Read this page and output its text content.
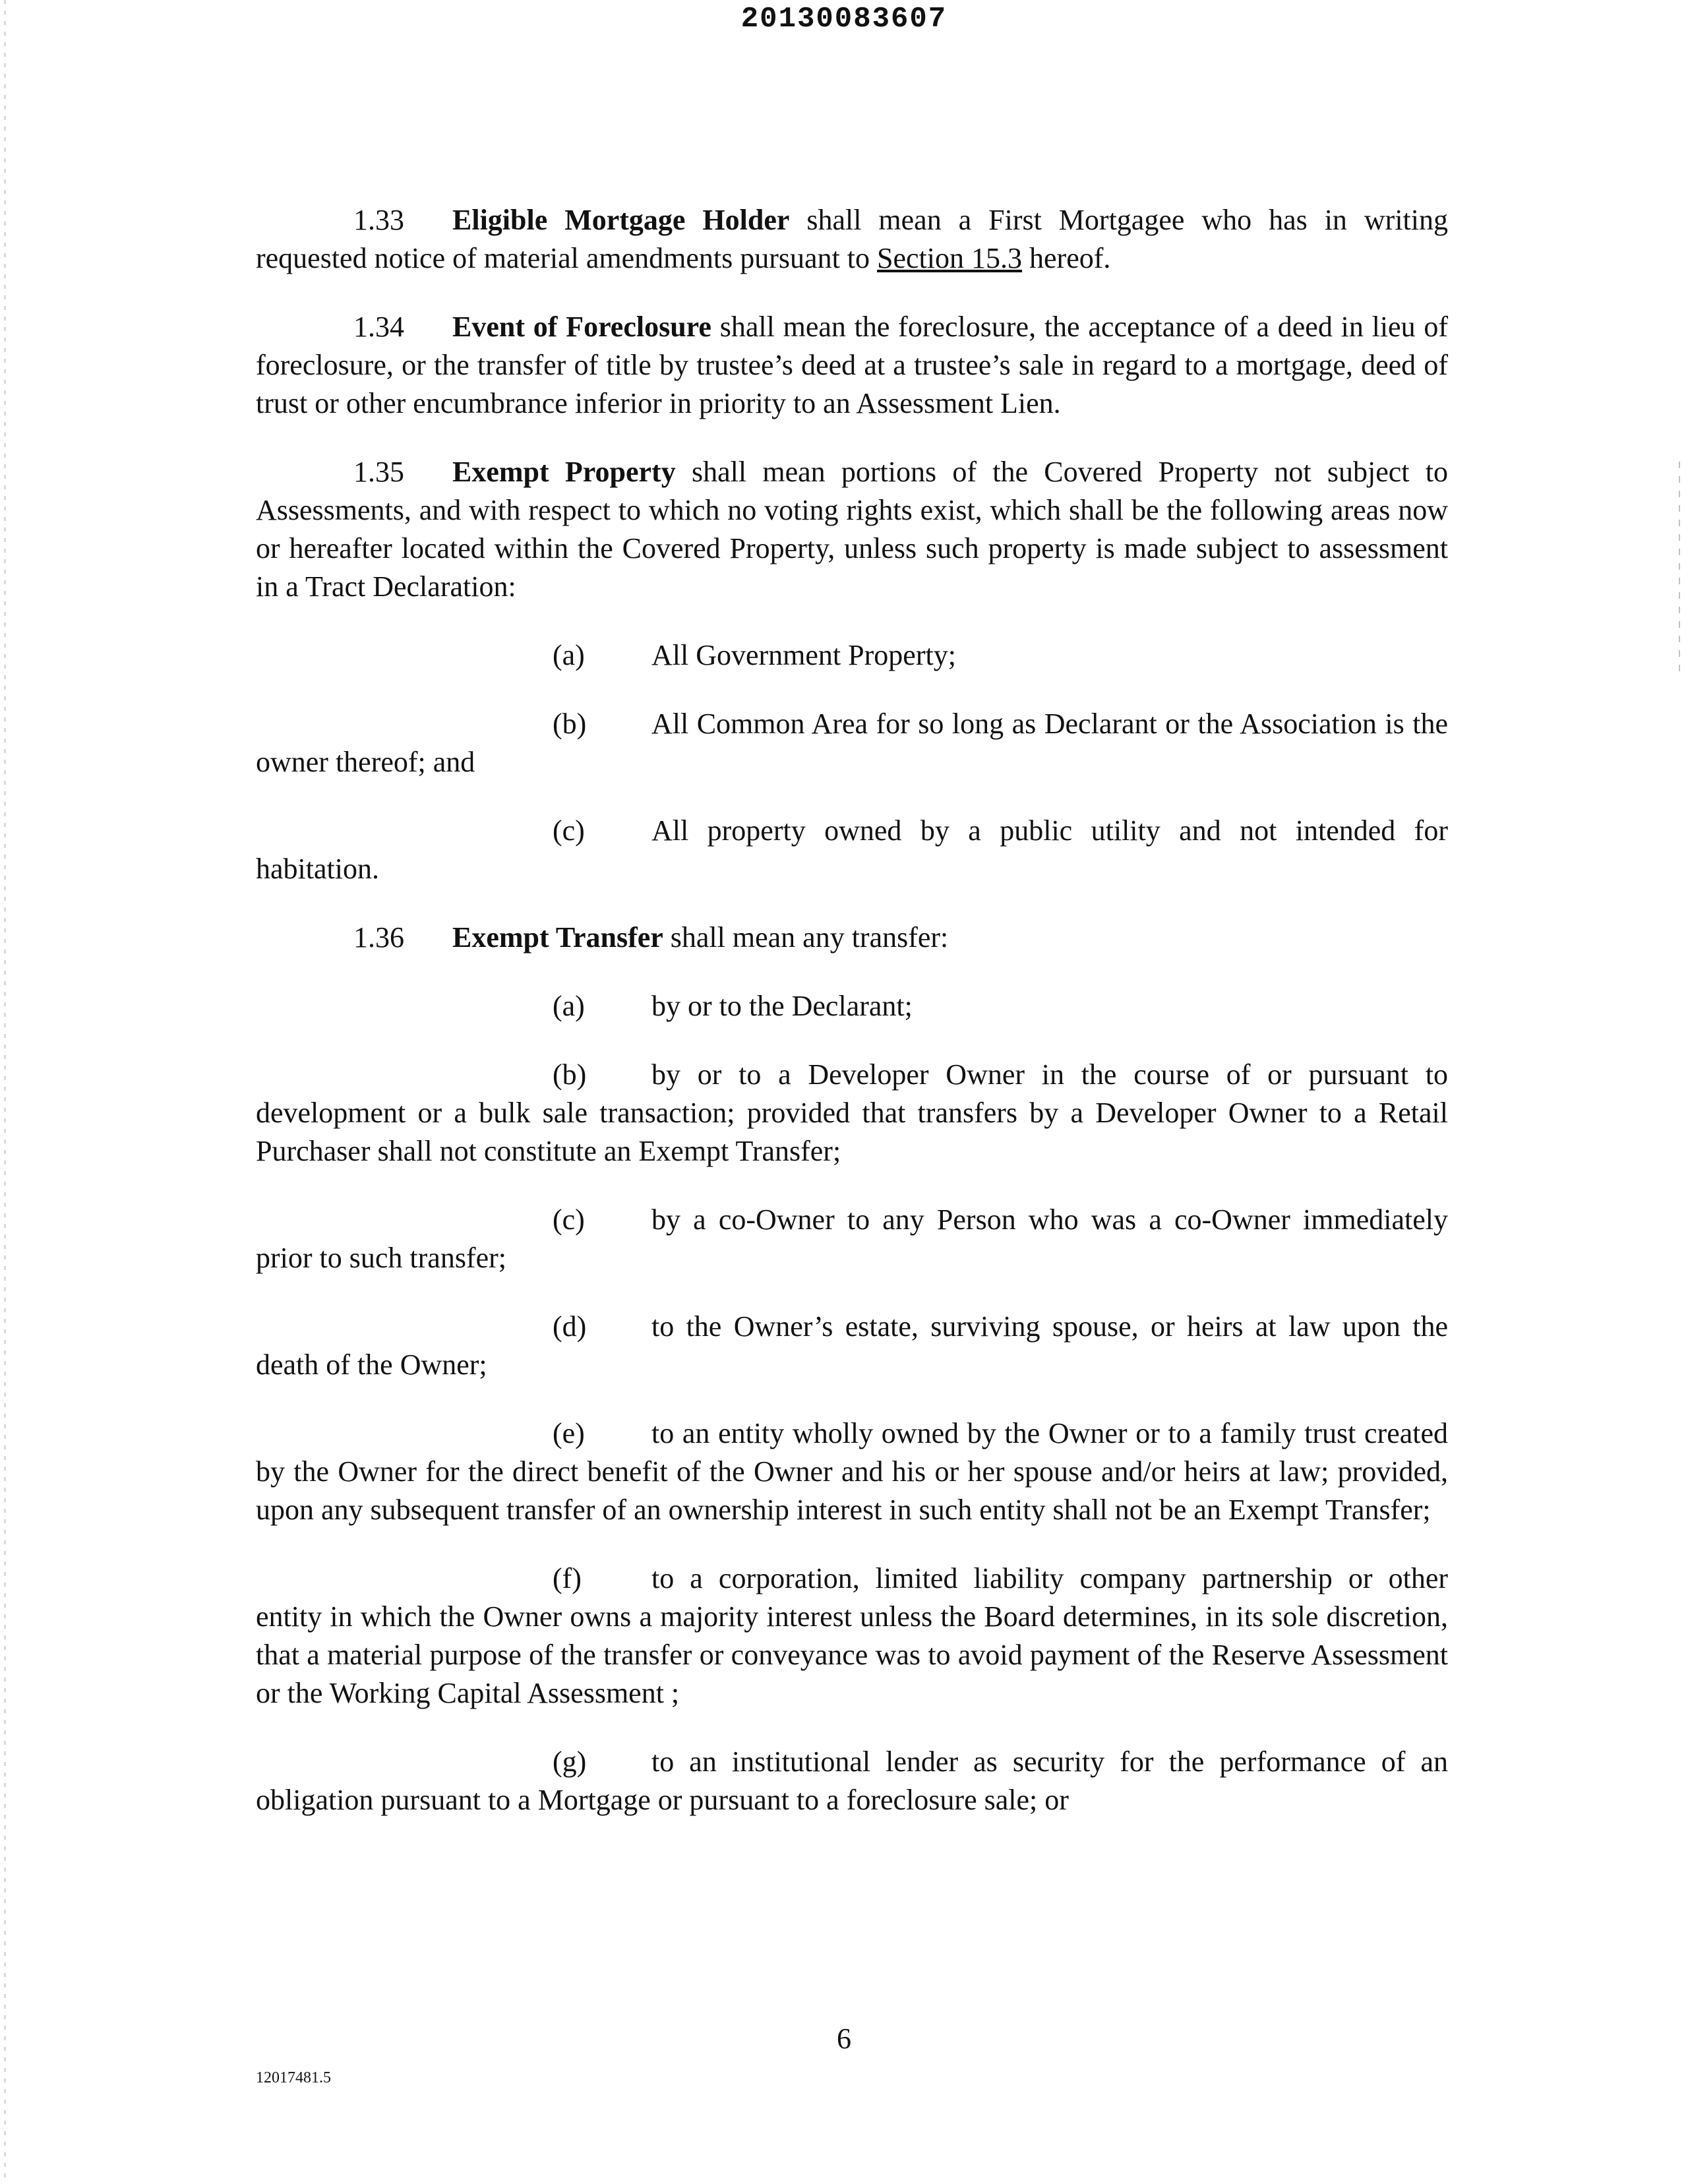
20130083607

1.33 Eligible Mortgage Holder shall mean a First Mortgagee who has in writing requested notice of material amendments pursuant to Section 15.3 hereof.

1.34 Event of Foreclosure shall mean the foreclosure, the acceptance of a deed in lieu of foreclosure, or the transfer of title by trustee’s deed at a trustee’s sale in regard to a mortgage, deed of trust or other encumbrance inferior in priority to an Assessment Lien.

1.35 Exempt Property shall mean portions of the Covered Property not subject to Assessments, and with respect to which no voting rights exist, which shall be the following areas now or hereafter located within the Covered Property, unless such property is made subject to assessment in a Tract Declaration:

(a) All Government Property;

(b) All Common Area for so long as Declarant or the Association is the owner thereof; and

(c) All property owned by a public utility and not intended for habitation.

1.36 Exempt Transfer shall mean any transfer:

(a) by or to the Declarant;

(b) by or to a Developer Owner in the course of or pursuant to development or a bulk sale transaction; provided that transfers by a Developer Owner to a Retail Purchaser shall not constitute an Exempt Transfer;

(c) by a co-Owner to any Person who was a co-Owner immediately prior to such transfer;

(d) to the Owner’s estate, surviving spouse, or heirs at law upon the death of the Owner;

(e) to an entity wholly owned by the Owner or to a family trust created by the Owner for the direct benefit of the Owner and his or her spouse and/or heirs at law; provided, upon any subsequent transfer of an ownership interest in such entity shall not be an Exempt Transfer;

(f) to a corporation, limited liability company partnership or other entity in which the Owner owns a majority interest unless the Board determines, in its sole discretion, that a material purpose of the transfer or conveyance was to avoid payment of the Reserve Assessment or the Working Capital Assessment ;

(g) to an institutional lender as security for the performance of an obligation pursuant to a Mortgage or pursuant to a foreclosure sale; or

6
12017481.5
